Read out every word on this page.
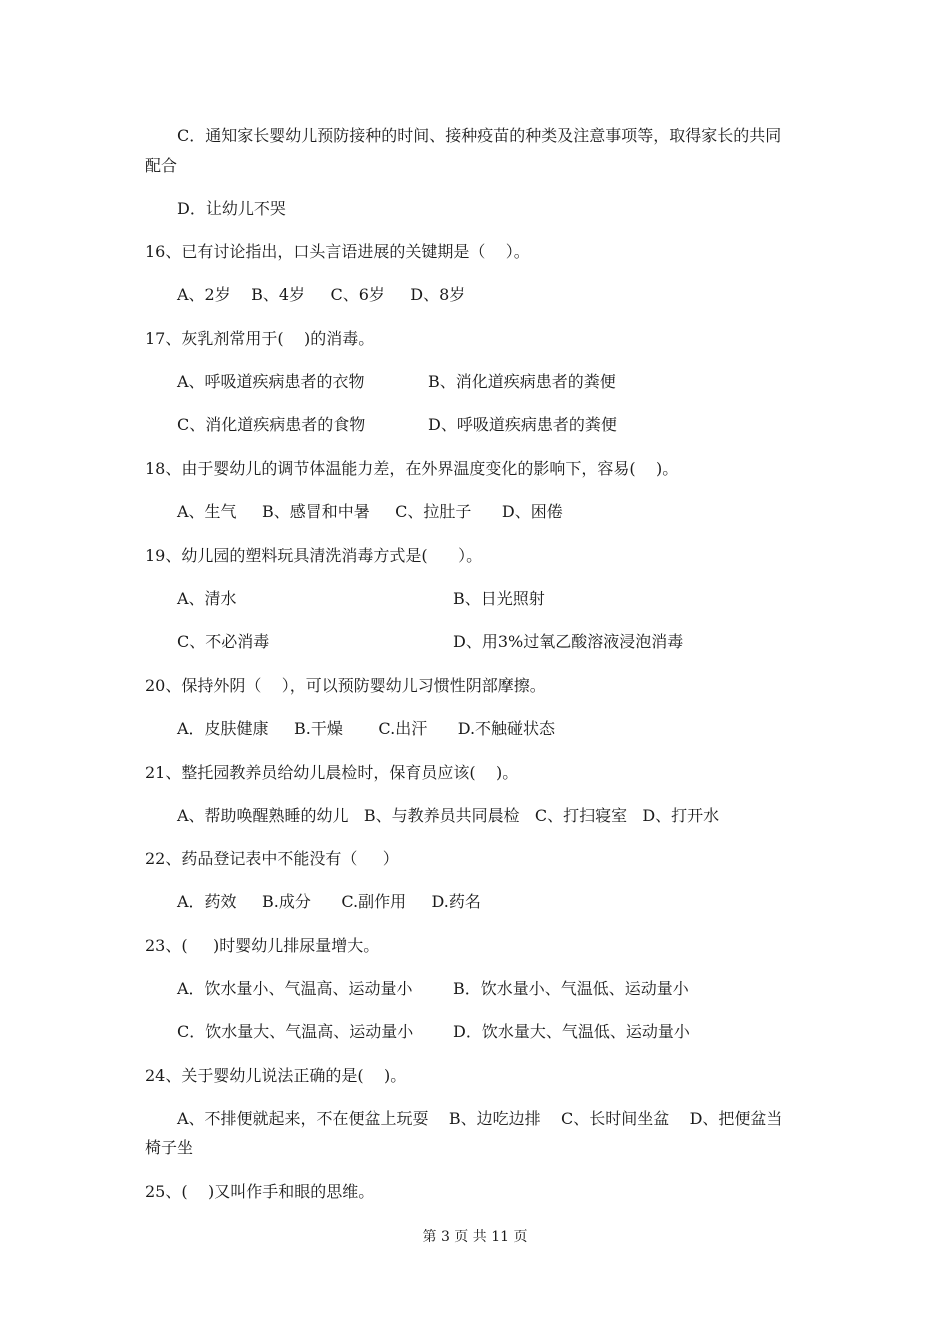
C．通知家长婴幼儿预防接种的时间、接种疫苗的种类及注意事项等，取得家长的共同
配合
D．让幼儿不哭
16、已有讨论指出，口头言语进展的关键期是（    ）。
A、2岁    B、4岁     C、6岁     D、8岁
17、灰乳剂常用于(    )的消毒。
A、呼吸道疾病患者的衣物	B、消化道疾病患者的粪便
C、消化道疾病患者的食物	D、呼吸道疾病患者的粪便
18、由于婴幼儿的调节体温能力差，在外界温度变化的影响下，容易(    )。
A、生气     B、感冒和中暑     C、拉肚子      D、困倦
19、幼儿园的塑料玩具清洗消毒方式是(      ）。
A、清水	B、日光照射
C、不必消毒	D、用3%过氧乙酸溶液浸泡消毒
20、保持外阴（    ），可以预防婴幼儿习惯性阴部摩擦。
A．皮肤健康     B.干燥       C.出汗      D.不触碰状态
21、整托园教养员给幼儿晨检时，保育员应该(    )。
A、帮助唤醒熟睡的幼儿   B、与教养员共同晨检   C、打扫寝室   D、打开水
22、药品登记表中不能没有（     ）
A．药效     B.成分      C.副作用     D.药名
23、(     )时婴幼儿排尿量增大。
A．饮水量小、气温高、运动量小	B．饮水量小、气温低、运动量小
C．饮水量大、气温高、运动量小 D．饮水量大、气温低、运动量小
24、关于婴幼儿说法正确的是(    )。
A、不排便就起来，不在便盆上玩耍    B、边吃边排    C、长时间坐盆    D、把便盆当
椅子坐
25、(    )又叫作手和眼的思维。
第 3 页 共 11 页
